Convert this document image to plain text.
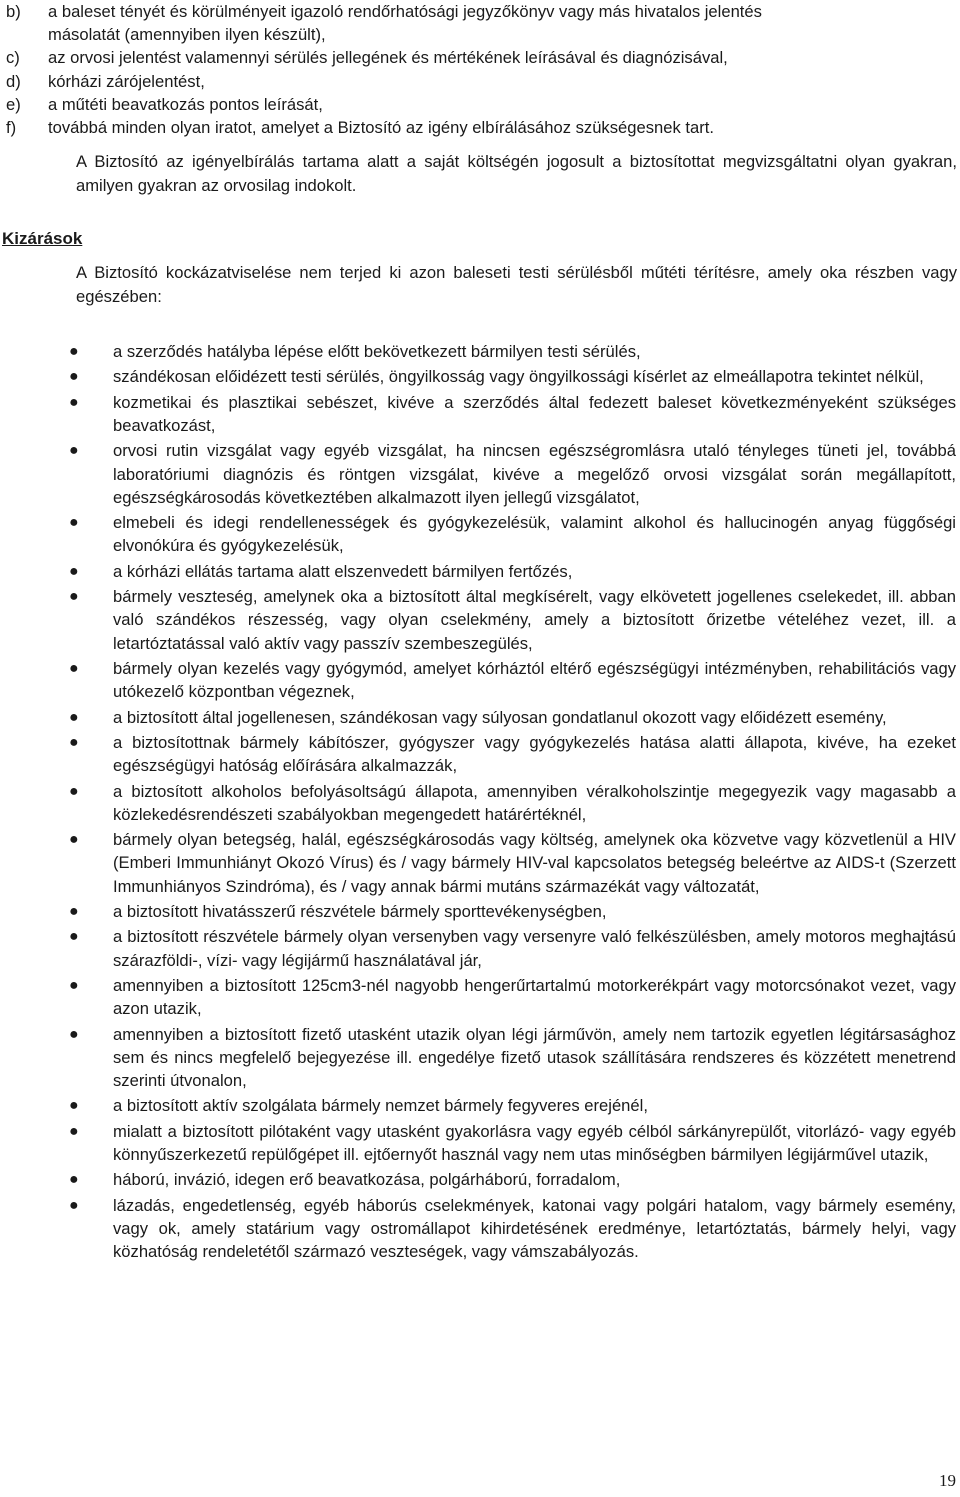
b) a baleset tényét és körülményeit igazoló rendőrhatósági jegyzőkönyv vagy más hivatalos jelentés
másolatát (amennyiben ilyen készült),
c) az orvosi jelentést valamennyi sérülés jellegének és mértékének leírásával és diagnózisával,
d) kórházi zárójelentést,
e) a műtéti beavatkozás pontos leírását,
f) továbbá minden olyan iratot, amelyet a Biztosító az igény elbírálásához szükségesnek tart.

A Biztosító az igényelbírálás tartama alatt a saját költségén jogosult a biztosítottat megvizsgáltatni olyan gyakran, amilyen gyakran az orvosilag indokolt.

Kizárások

A Biztosító kockázatviselése nem terjed ki azon baleseti testi sérülésből műtéti térítésre, amely oka részben vagy egészében:

● a szerződés hatályba lépése előtt bekövetkezett bármilyen testi sérülés,
● szándékosan előidézett testi sérülés, öngyilkosság vagy öngyilkossági kísérlet az elmeállapotra tekintet nélkül,
● kozmetikai és plasztikai sebészet, kivéve a szerződés által fedezett baleset következményeként szükséges beavatkozást,
● orvosi rutin vizsgálat vagy egyéb vizsgálat, ha nincsen egészségromlásra utaló tényleges tüneti jel, továbbá laboratóriumi diagnózis és röntgen vizsgálat, kivéve a megelőző orvosi vizsgálat során megállapított, egészségkárosodás következtében alkalmazott ilyen jellegű vizsgálatot,
● elmebeli és idegi rendellenességek és gyógykezelésük, valamint alkohol és hallucinogén anyag függőségi elvonókúra és gyógykezelésük,
● a kórházi ellátás tartama alatt elszenvedett bármilyen fertőzés,
● bármely veszteség, amelynek oka a biztosított által megkísérelt, vagy elkövetett jogellenes cselekedet, ill. abban való szándékos részesség, vagy olyan cselekmény, amely a biztosított őrizetbe vételéhez vezet, ill. a letartóztatással való aktív vagy passzív szembeszegülés,
● bármely olyan kezelés vagy gyógymód, amelyet kórháztól eltérő egészségügyi intézményben, rehabilitációs vagy utókezelő központban végeznek,
● a biztosított által jogellenesen, szándékosan vagy súlyosan gondatlanul okozott vagy előidézett esemény,
● a biztosítottnak bármely kábítószer, gyógyszer vagy gyógykezelés hatása alatti állapota, kivéve, ha ezeket egészségügyi hatóság előírására alkalmazzák,
● a biztosított alkoholos befolyásoltságú állapota, amennyiben véralkoholszintje megegyezik vagy magasabb a közlekedésrendészeti szabályokban megengedett határértéknél,
● bármely olyan betegség, halál, egészségkárosodás vagy költség, amelynek oka közvetve vagy közvetlenül a HIV (Emberi Immunhiányt Okozó Vírus) és / vagy bármely HIV-val kapcsolatos betegség beleértve az AIDS-t (Szerzett Immunhiányos Szindróma), és / vagy annak bármi mutáns származékát vagy változatát,
● a biztosított hivatásszerű részvétele bármely sporttevékenységben,
● a biztosított részvétele bármely olyan versenyben vagy versenyre való felkészülésben, amely motoros meghajtású szárazföldi-, vízi- vagy légijármű használatával jár,
● amennyiben a biztosított 125cm3-nél nagyobb hengerűrtartalmú motorkerékpárt vagy motorcsónakot vezet, vagy azon utazik,
● amennyiben a biztosított fizető utasként utazik olyan légi járművön, amely nem tartozik egyetlen légitársasághoz sem és nincs megfelelő bejegyezése ill. engedélye fizető utasok szállítására rendszeres és közzétett menetrend szerinti útvonalon,
● a biztosított aktív szolgálata bármely nemzet bármely fegyveres erejénél,
● mialatt a biztosított pilótaként vagy utasként gyakorlásra vagy egyéb célból sárkányrepülőt, vitorlázó- vagy egyéb könnyűszerkezetű repülőgépet ill. ejtőernyőt használ vagy nem utas minőségben bármilyen légijárművel utazik,
● háború, invázió, idegen erő beavatkozása, polgárháború, forradalom,
● lázadás, engedetlenség, egyéb háborús cselekmények, katonai vagy polgári hatalom, vagy bármely esemény, vagy ok, amely statárium vagy ostromállapot kihirdetésének eredménye, letartóztatás, bármely helyi, vagy közhatóság rendeletétől származó veszteségek, vagy vámszabályozás.
19
